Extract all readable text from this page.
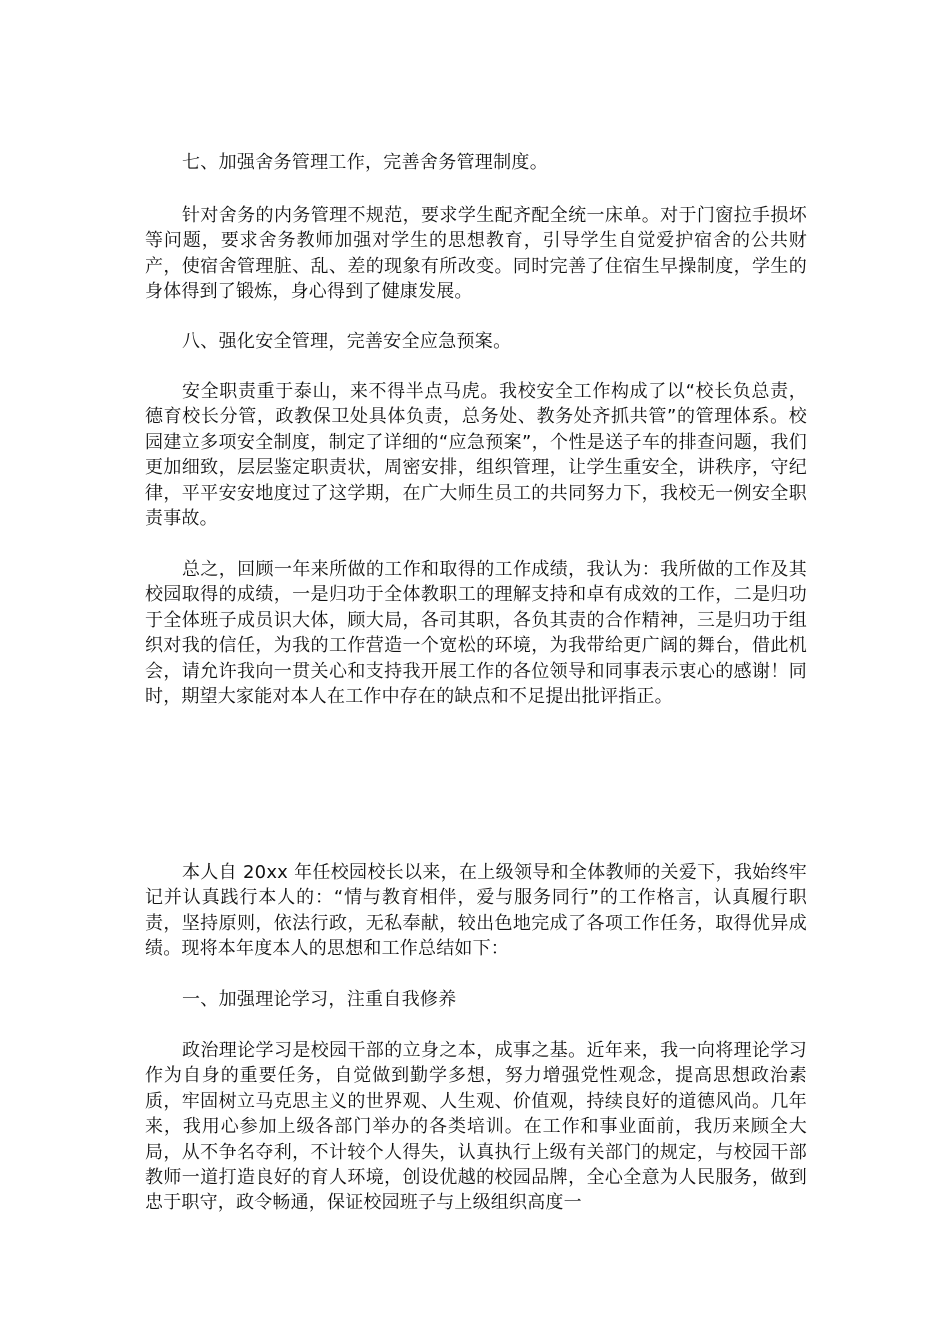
七、加强舍务管理工作，完善舍务管理制度。

针对舍务的内务管理不规范，要求学生配齐配全统一床单。对于门窗拉手损坏等问题，要求舍务教师加强对学生的思想教育，引导学生自觉爱护宿舍的公共财产，使宿舍管理脏、乱、差的现象有所改变。同时完善了住宿生早操制度，学生的身体得到了锻炼，身心得到了健康发展。

八、强化安全管理，完善安全应急预案。

安全职责重于泰山，来不得半点马虎。我校安全工作构成了以“校长负总责，德育校长分管，政教保卫处具体负责，总务处、教务处齐抓共管”的管理体系。校园建立多项安全制度，制定了详细的“应急预案”，个性是送子车的排查问题，我们更加细致，层层鉴定职责状，周密安排，组织管理，让学生重安全，讲秩序，守纪律，平平安安地度过了这学期，在广大师生员工的共同努力下，我校无一例安全职责事故。

总之，回顾一年来所做的工作和取得的工作成绩，我认为：我所做的工作及其校园取得的成绩，一是归功于全体教职工的理解支持和卓有成效的工作，二是归功于全体班子成员识大体，顾大局，各司其职，各负其责的合作精神，三是归功于组织对我的信任，为我的工作营造一个宽松的环境，为我带给更广阔的舞台，借此机会，请允许我向一贯关心和支持我开展工作的各位领导和同事表示衷心的感谢！同时，期望大家能对本人在工作中存在的缺点和不足提出批评指正。

本人自 20xx 年任校园校长以来，在上级领导和全体教师的关爱下，我始终牢记并认真践行本人的：“情与教育相伴，爱与服务同行”的工作格言，认真履行职责，坚持原则，依法行政，无私奉献，较出色地完成了各项工作任务，取得优异成绩。现将本年度本人的思想和工作总结如下：

一、加强理论学习，注重自我修养

政治理论学习是校园干部的立身之本，成事之基。近年来，我一向将理论学习作为自身的重要任务，自觉做到勤学多想，努力增强党性观念，提高思想政治素质，牢固树立马克思主义的世界观、人生观、价值观，持续良好的道德风尚。几年来，我用心参加上级各部门举办的各类培训。在工作和事业面前，我历来顾全大局，从不争名夺利，不计较个人得失，认真执行上级有关部门的规定，与校园干部教师一道打造良好的育人环境，创设优越的校园品牌，全心全意为人民服务，做到忠于职守，政令畅通，保证校园班子与上级组织高度一
